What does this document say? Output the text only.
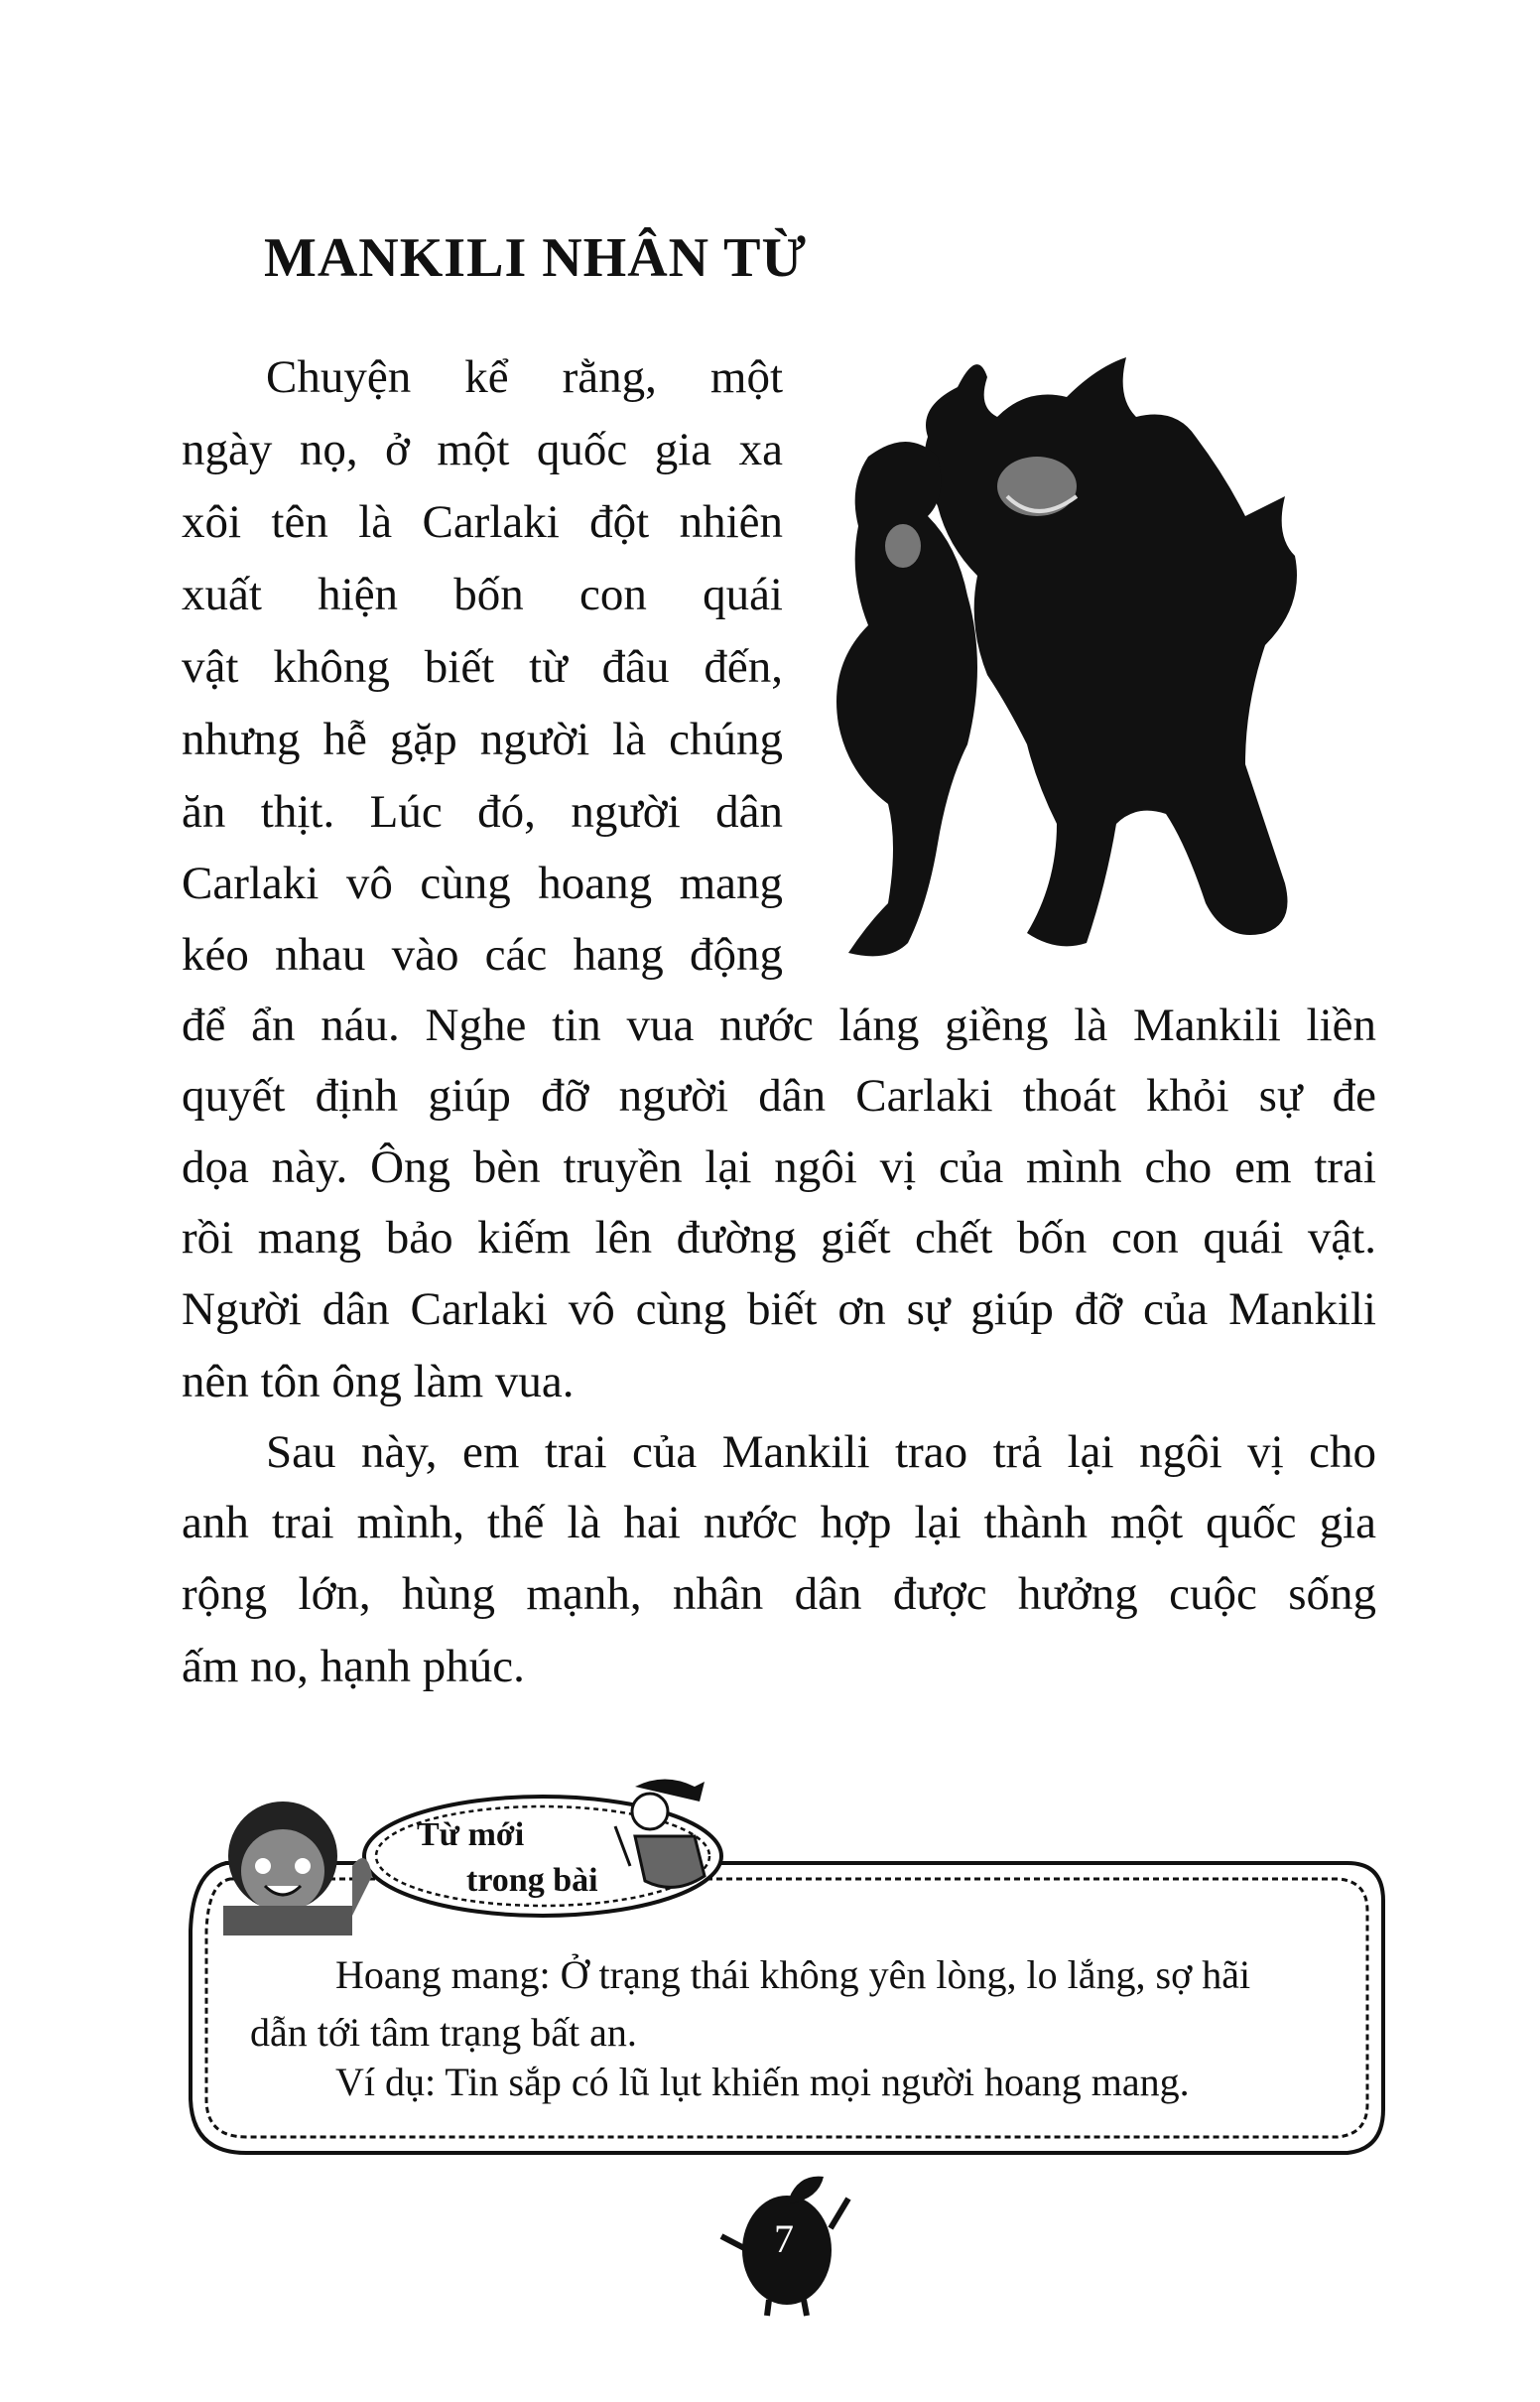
MANKILI NHÂN TỪ
Chuyện kể rằng, một
ngày nọ, ở một quốc gia xa
xôi tên là Carlaki đột nhiên
xuất hiện bốn con quái
vật không biết từ đâu đến,
nhưng hễ gặp người là chúng
ăn thịt. Lúc đó, người dân
Carlaki vô cùng hoang mang
kéo nhau vào các hang động
để ẩn náu. Nghe tin vua nước láng giềng là Mankili liền
quyết định giúp đỡ người dân Carlaki thoát khỏi sự đe
dọa này. Ông bèn truyền lại ngôi vị của mình cho em trai
rồi mang bảo kiếm lên đường giết chết bốn con quái vật.
Người dân Carlaki vô cùng biết ơn sự giúp đỡ của Mankili
nên tôn ông làm vua.
Sau này, em trai của Mankili trao trả lại ngôi vị cho
anh trai mình, thế là hai nước hợp lại thành một quốc gia
rộng lớn, hùng mạnh, nhân dân được hưởng cuộc sống
ấm no, hạnh phúc.
Từ mới
trong bài
Hoang mang: Ở trạng thái không yên lòng, lo lắng, sợ hãi
dẫn tới tâm trạng bất an.
Ví dụ: Tin sắp có lũ lụt khiến mọi người hoang mang.
7
